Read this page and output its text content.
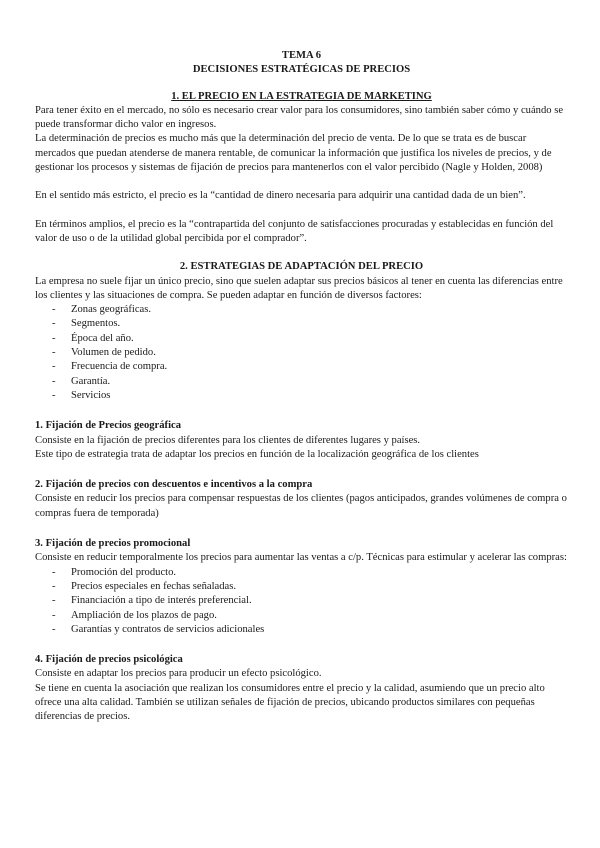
TEMA 6

DECISIONES ESTRATÉGICAS DE PRECIOS

1. EL PRECIO EN LA ESTRATEGIA DE MARKETING

Para tener éxito en el mercado, no sólo es necesario crear valor para los consumidores, sino también saber cómo y cuándo se puede transformar dicho valor en ingresos.

La determinación de precios es mucho más que la determinación del precio de venta. De lo que se trata es de buscar mercados que puedan atenderse de manera rentable, de comunicar la información que justifica los niveles de precios, y de gestionar los procesos y sistemas de fijación de precios para mantenerlos con el valor percibido (Nagle y Holden, 2008)

En el sentido más estricto, el precio es la “cantidad de dinero necesaria para adquirir una cantidad dada de un bien”.

En términos amplios, el precio es la “contrapartida del conjunto de satisfacciones procuradas y establecidas en función del valor de uso o de la utilidad global percibida por el comprador”.

2. ESTRATEGIAS DE ADAPTACIÓN DEL PRECIO

La empresa no suele fijar un único precio, sino que suelen adaptar sus precios básicos al tener en cuenta las diferencias entre los clientes y las situaciones de compra. Se pueden adaptar en función de diversos factores:

- Zonas geográficas.
- Segmentos.
- Época del año.
- Volumen de pedido.
- Frecuencia de compra.
- Garantía.
- Servicios

1. Fijación de Precios geográfica

Consiste en la fijación de precios diferentes para los clientes de diferentes lugares y países.

Este tipo de estrategia trata de adaptar los precios en función de la localización geográfica de los clientes

2. Fijación de precios con descuentos e incentivos a la compra

Consiste en reducir los precios para compensar respuestas de los clientes (pagos anticipados, grandes volúmenes de compra o compras fuera de temporada)

3. Fijación de precios promocional

Consiste en reducir temporalmente los precios para aumentar las ventas a c/p. Técnicas para estimular y acelerar las compras:

- Promoción del producto.
- Precios especiales en fechas señaladas.
- Financiación a tipo de interés preferencial.
- Ampliación de los plazos de pago.
- Garantías y contratos de servicios adicionales

4. Fijación de precios psicológica

Consiste en adaptar los precios para producir un efecto psicológico.

Se tiene en cuenta la asociación que realizan los consumidores entre el precio y la calidad, asumiendo que un precio alto ofrece una alta calidad. También se utilizan señales de fijación de precios, ubicando productos similares con pequeñas diferencias de precios.
